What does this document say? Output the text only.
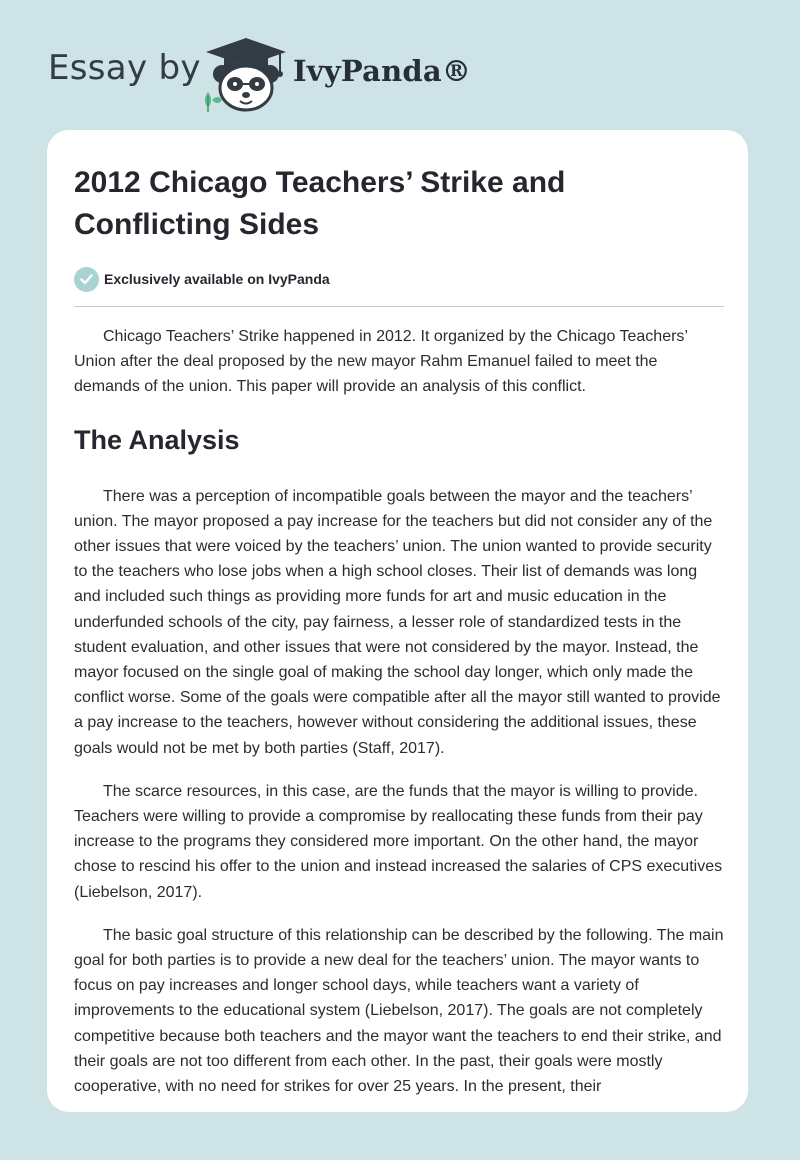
Essay by	IvyPanda®
2012 Chicago Teachers’ Strike and Conflicting Sides
Exclusively available on IvyPanda

Chicago Teachers’ Strike happened in 2012. It organized by the Chicago Teachers’ Union after the deal proposed by the new mayor Rahm Emanuel failed to meet the demands of the union. This paper will provide an analysis of this conflict.

The Analysis

There was a perception of incompatible goals between the mayor and the teachers’ union. The mayor proposed a pay increase for the teachers but did not consider any of the other issues that were voiced by the teachers’ union. The union wanted to provide security to the teachers who lose jobs when a high school closes. Their list of demands was long and included such things as providing more funds for art and music education in the underfunded schools of the city, pay fairness, a lesser role of standardized tests in the student evaluation, and other issues that were not considered by the mayor. Instead, the mayor focused on the single goal of making the school day longer, which only made the conflict worse. Some of the goals were compatible after all the mayor still wanted to provide a pay increase to the teachers, however without considering the additional issues, these goals would not be met by both parties (Staff, 2017).

The scarce resources, in this case, are the funds that the mayor is willing to provide. Teachers were willing to provide a compromise by reallocating these funds from their pay increase to the programs they considered more important. On the other hand, the mayor chose to rescind his offer to the union and instead increased the salaries of CPS executives (Liebelson, 2017).

The basic goal structure of this relationship can be described by the following. The main goal for both parties is to provide a new deal for the teachers’ union. The mayor wants to focus on pay increases and longer school days, while teachers want a variety of improvements to the educational system (Liebelson, 2017). The goals are not completely competitive because both teachers and the mayor want the teachers to end their strike, and their goals are not too different from each other. In the past, their goals were mostly cooperative, with no need for strikes for over 25 years. In the present, their
